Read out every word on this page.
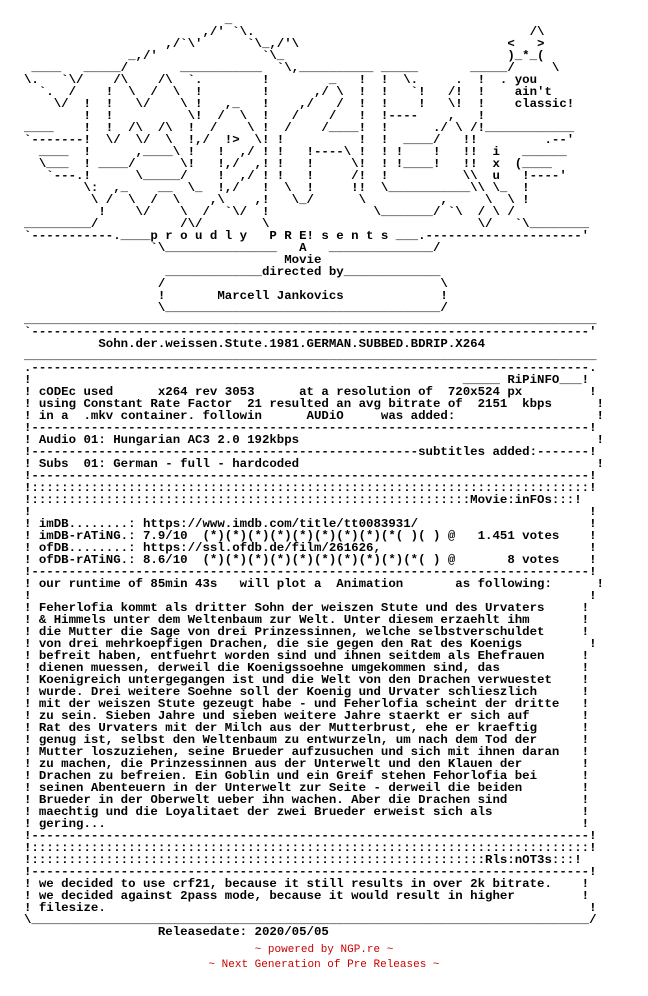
_
,/' `\.                                     /\
,/`\'      `\_,/'\                            <   >
_,/'              `\_                              )_*_(
____   _____/       ___________  `\,__________ _____       _____/     \
\.   `\/    /\    /\  `.        !        _   !  !  \.     .  !  . you
`.  /    !  \  /  \  !        !      ,/ \  !  !   `!   /!  !    ain't
\/  !  !   \/    \ !   ,_   !    ,/   /  !  !    !   \!  !    classic!
!  !          \!  /  \  !   /    /   !  !----    ,   !
____    !  !  /\  /\  !  /    \ !  /    /____!  !      ./ \ /!____________
`-------!  \/  \/  \  !,/  !>  \! !          !  !  ____/   !!         .--'
____  !      ,____\ !   !  ,/ ! !   !----\ !  ! !    !   !!  i   ______
\___  ! ____/      \!   !,/  ,! !   !     \!  ! !____!   !!  x  (____
`---.!      \_____/    !  ,/ ! !   !     /!  !          \\  u   !----'
\:  ,_    __  \_  !,/   !  \  !     !!  \___________\\ \_  !
\ /  \  /  \    ,\    ,!   \_/      \          ,     \  \ !
!    \/    \  /  `\/  !              \_______/ `\  / \ /
_________/           /\/        \                            \/   `\________
`-----------.____p r o u d l y   P R E! s e n t s ___.---------------------'
`\_______________   A   ______________/
Movie
_____________directed by_____________
/                                     \
!       Marcell Jankovics             !
\_____________________________________/
_____________________________________________________________________________
`---------------------------------------------------------------------------'
Sohn.der.weissen.Stute.1981.GERMAN.SUBBED.BDRIP.X264
_____________________________________________________________________________
.---------------------------------------------------------------------------.
!                                                          _____ RiPiNFO___!
! cODEc used      x264 rev 3053      at a resolution of  720x524 px         !
! using Constant Rate Factor  21 resulted an avg bitrate of  2151  kbps      !
! in a  .mkv container. followin      AUDiO     was added:                   !
!---------------------------------------------------------------------------!
! Audio 01: Hungarian AC3 2.0 192kbps                                        !
!----------------------------------------------------subtitles added:-------!
! Subs  01: German - full - hardcoded                                        !
!---------------------------------------------------------------------------!
!:::::::::::::::::::::::::::::::::::::::::::::::::::::::::::::::::::::::::::!
!:::::::::::::::::::::::::::::::::::::::::::::::::::::::::::Movie:inFOs:::!
!                                                                           !
! imDB........: https://www.imdb.com/title/tt0083931/                       !
! imDB-rATiNG.: 7.9/10  (*)(*)(*)(*)(*)(*)(*)(*)(*( )( ) @   1.451 votes    !
! ofDB........: https://ssl.ofdb.de/film/261626,                            !
! ofDB-rATiNG.: 8.6/10  (*)(*)(*)(*)(*)(*)(*)(*)(*)(*( ) @       8 votes    !
!---------------------------------------------------------------------------!
! our runtime of 85min 43s   will plot a  Animation       as following:      !
!                                                                           !
! Feherlofia kommt als dritter Sohn der weiszen Stute und des Urvaters     !
! & Himmels unter dem Weltenbaum zur Welt. Unter diesem erzaehlt ihm       !
! die Mutter die Sage von drei Prinzessinnen, welche selbstverschuldet     !
! von drei mehrkoepfigen Drachen, die sie gegen den Rat des Koenigs         !
! befreit haben, entfuehrt worden sind und ihnen seitdem als Ehefrauen     !
! dienen muessen, derweil die Koenigssoehne umgekommen sind, das           !
! Koenigreich untergegangen ist und die Welt von den Drachen verwuestet    !
! wurde. Drei weitere Soehne soll der Koenig und Urvater schlieszlich      !
! mit der weiszen Stute gezeugt habe - und Feherlofia scheint der dritte   !
! zu sein. Sieben Jahre und sieben weitere Jahre staerkt er sich auf       !
! Rat des Urvaters mit der Milch aus der Mutterbrust, ehe er kraeftig      !
! genug ist, selbst den Weltenbaum zu entwurzeln, um nach dem Tod der      !
! Mutter loszuziehen, seine Brueder aufzusuchen und sich mit ihnen daran   !
! zu machen, die Prinzessinnen aus der Unterwelt und den Klauen der        !
! Drachen zu befreien. Ein Goblin und ein Greif stehen Fehorlofia bei      !
! seinen Abenteuern in der Unterwelt zur Seite - derweil die beiden        !
! Brueder in der Oberwelt ueber ihn wachen. Aber die Drachen sind          !
! maechtig und die Loyalitaet der zwei Brueder erweist sich als            !
! gering...                                                                !
!---------------------------------------------------------------------------!
!:::::::::::::::::::::::::::::::::::::::::::::::::::::::::::::::::::::::::::!
!:::::::::::::::::::::::::::::::::::::::::::::::::::::::::::::Rls:nOT3s:::!
!---------------------------------------------------------------------------!
! we decided to use crf21, because it still results in over 2k bitrate.    !
! we decided against 2pass mode, because it would result in higher         !
! filesize.                                                                 !
\___________________________________________________________________________/
Releasedate: 2020/05/05
~ powered by NGP.re ~
~ Next Generation of Pre Releases ~
